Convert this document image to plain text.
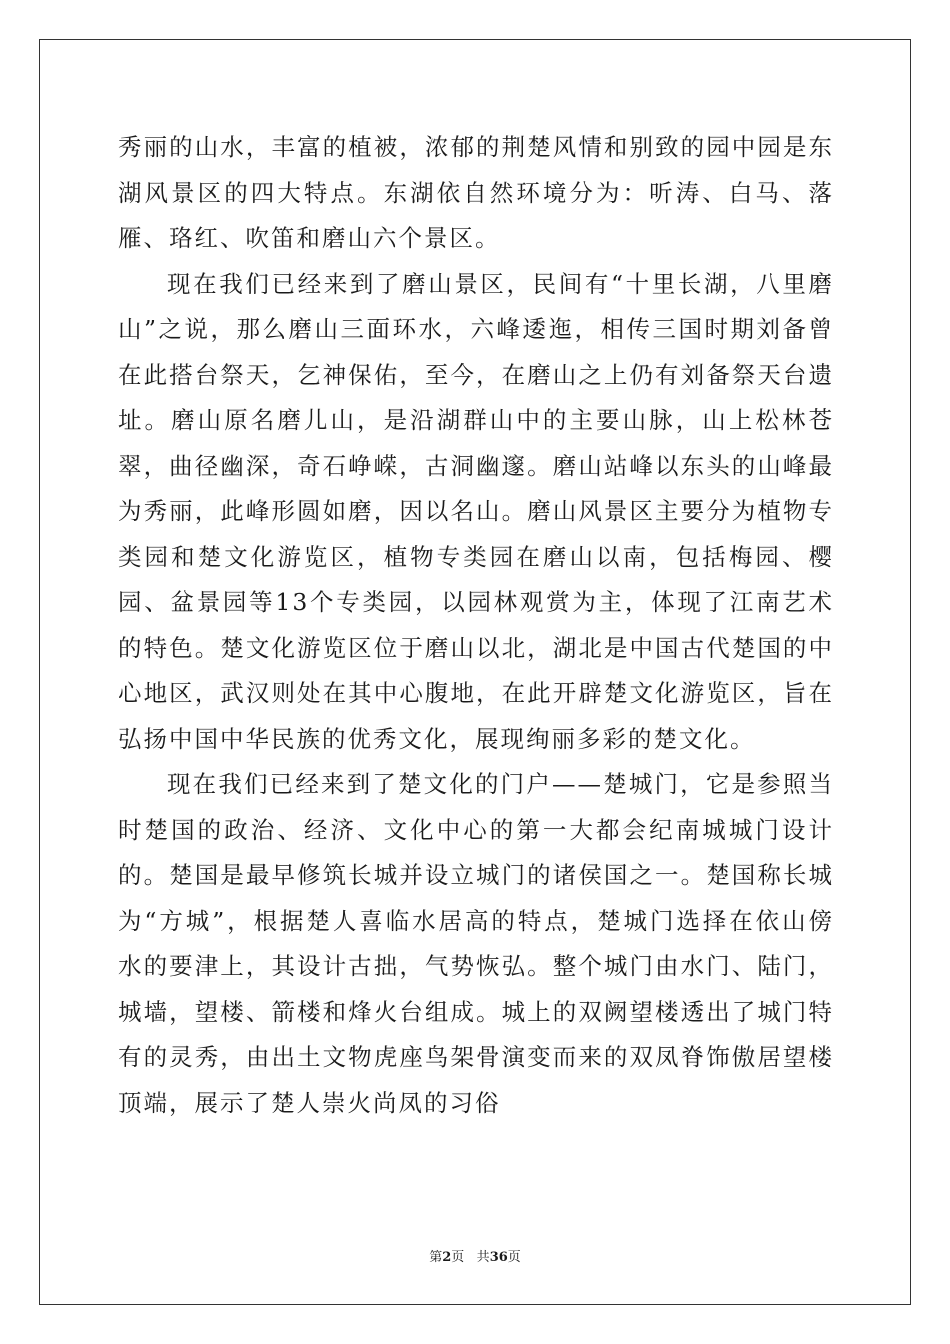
秀丽的山水，丰富的植被，浓郁的荆楚风情和别致的园中园是东湖风景区的四大特点。东湖依自然环境分为：听涛、白马、落雁、珞红、吹笛和磨山六个景区。

现在我们已经来到了磨山景区，民间有“十里长湖，八里磨山”之说，那么磨山三面环水，六峰逶迤，相传三国时期刘备曾在此搭台祭天，乞神保佑，至今，在磨山之上仍有刘备祭天台遗址。磨山原名磨儿山，是沿湖群山中的主要山脉，山上松林苍翠，曲径幽深，奇石峥嵘，古洞幽邃。磨山站峰以东头的山峰最为秀丽，此峰形圆如磨，因以名山。磨山风景区主要分为植物专类园和楚文化游览区，植物专类园在磨山以南，包括梅园、樱园、盆景园等13个专类园，以园林观赏为主，体现了江南艺术的特色。楚文化游览区位于磨山以北，湖北是中国古代楚国的中心地区，武汉则处在其中心腹地，在此开辟楚文化游览区，旨在弘扬中国中华民族的优秀文化，展现绚丽多彩的楚文化。

现在我们已经来到了楚文化的门户——楚城门，它是参照当时楚国的政治、经济、文化中心的第一大都会纪南城城门设计的。楚国是最早修筑长城并设立城门的诸侯国之一。楚国称长城为“方城”，根据楚人喜临水居高的特点，楚城门选择在依山傍水的要津上，其设计古拙，气势恢弘。整个城门由水门、陆门，城墙，望楼、箭楼和烽火台组成。城上的双阙望楼透出了城门特有的灵秀，由出土文物虎座鸟架骨演变而来的双凤脊饰傲居望楼顶端，展示了楚人崇火尚凤的习俗

第2页 共36页
